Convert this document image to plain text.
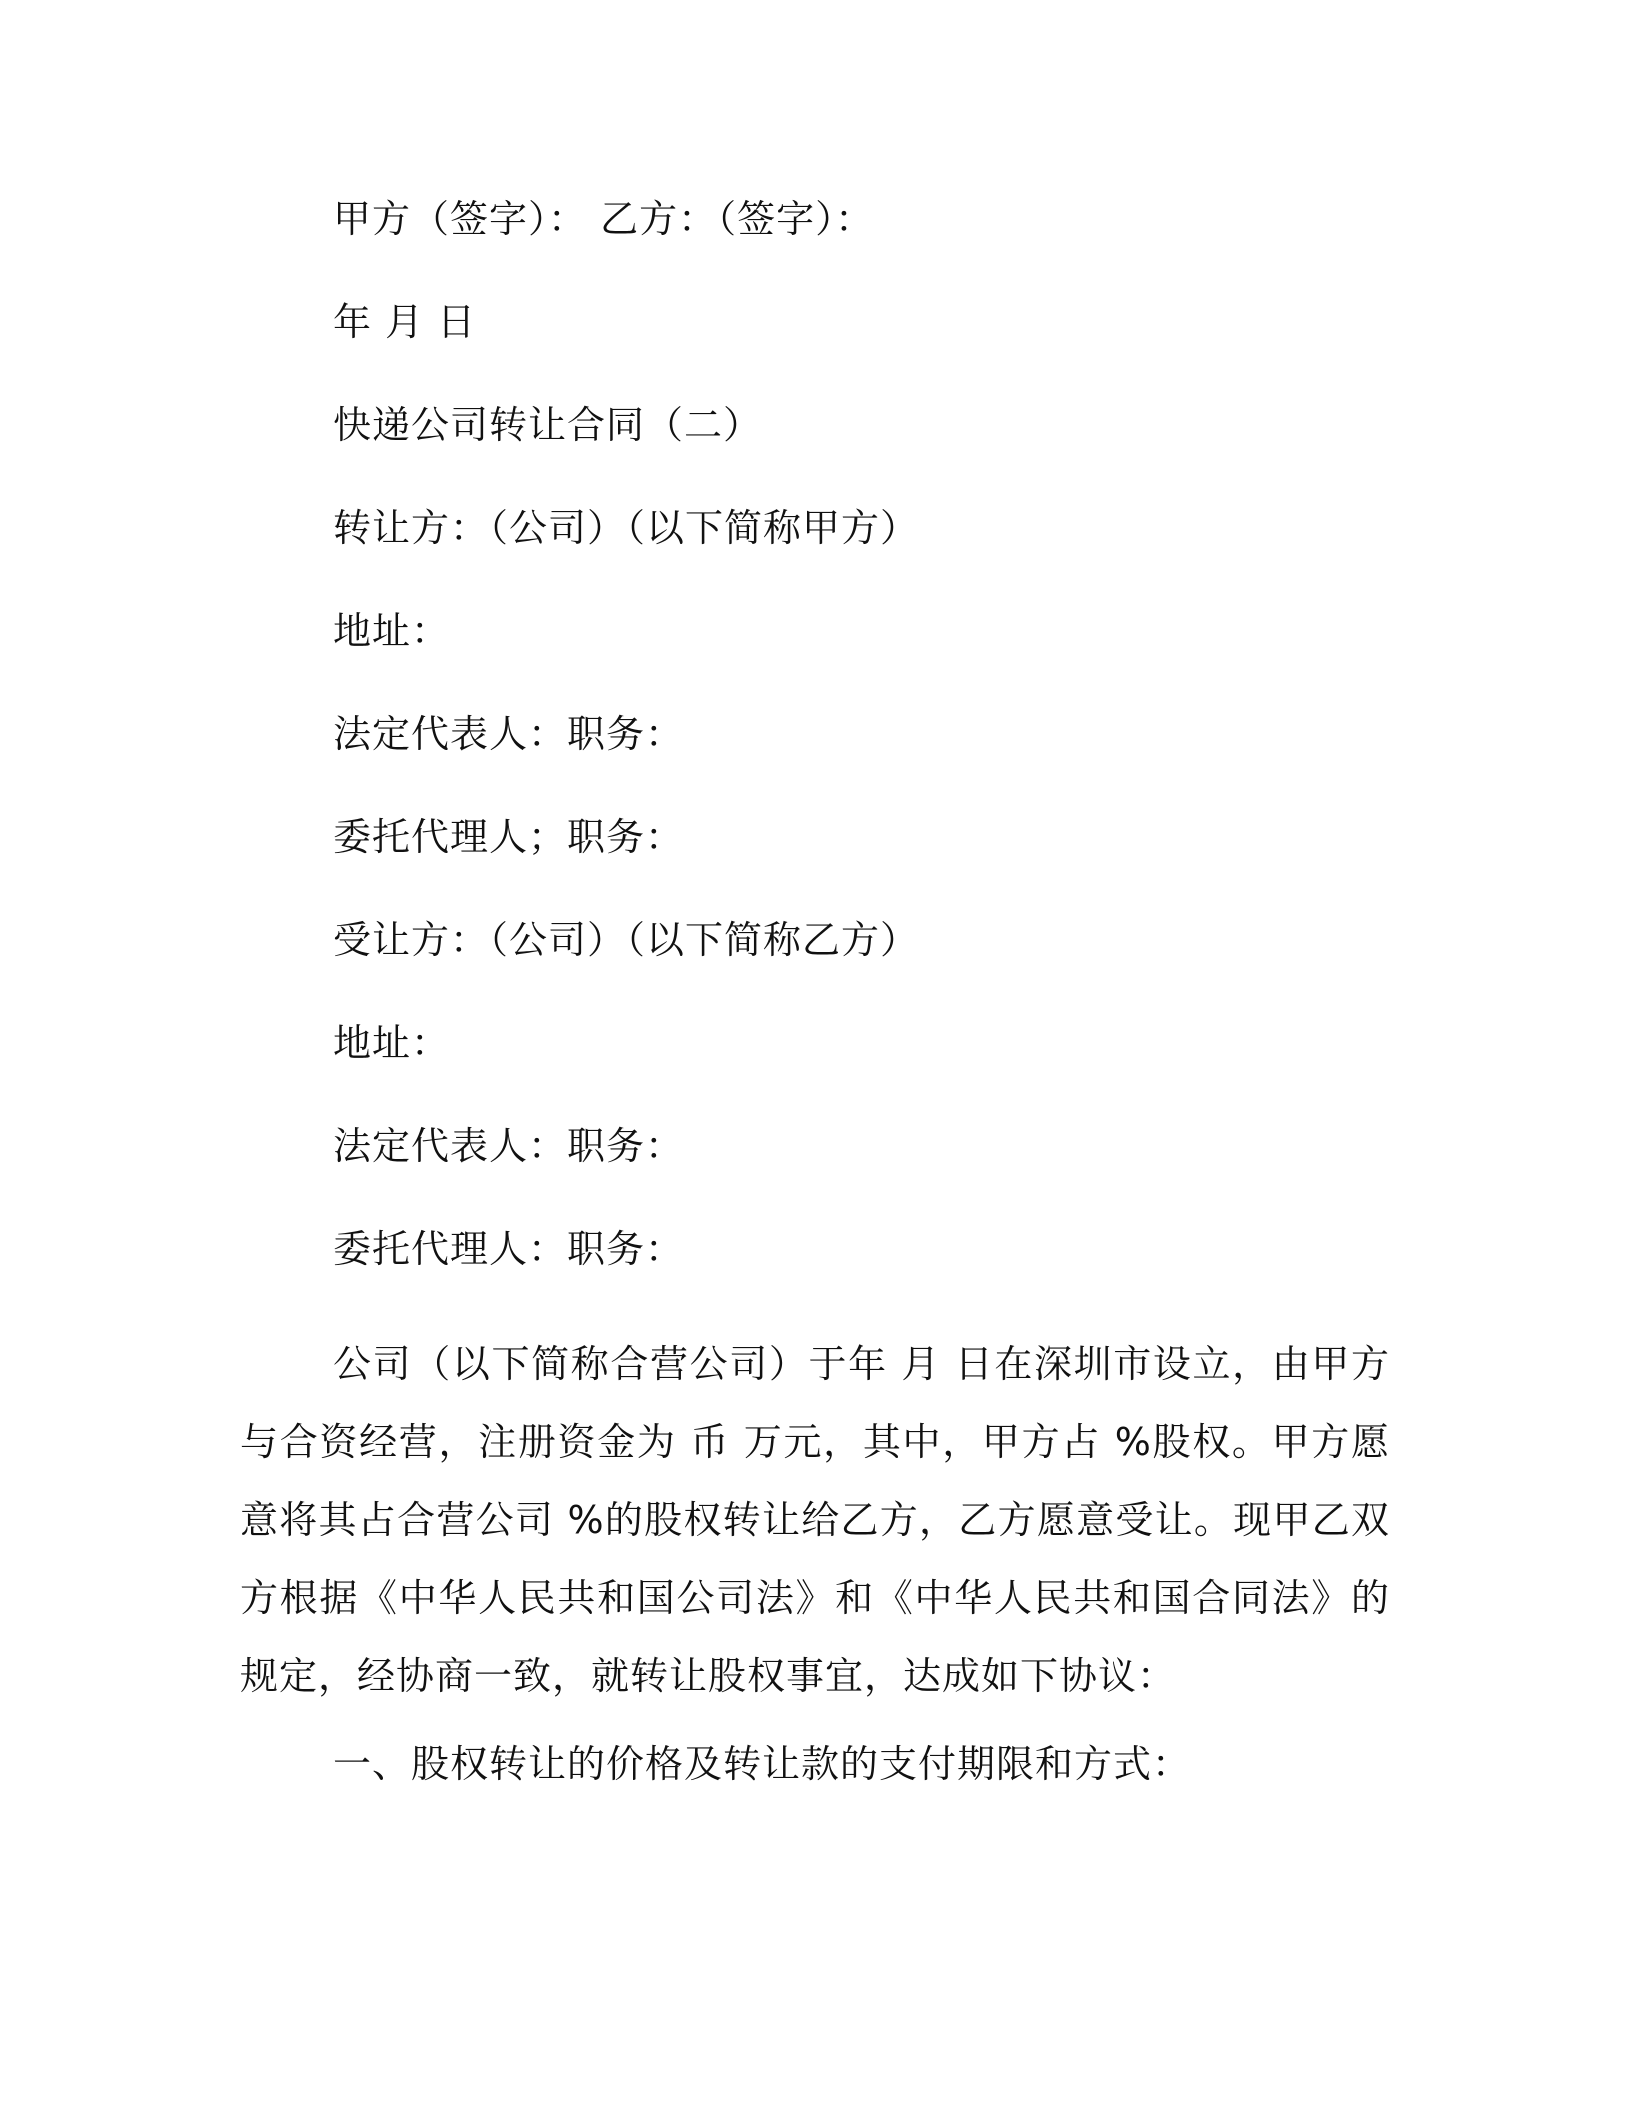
甲方（签字）： 乙方：（签字）：
年 月 日
快递公司转让合同（二）
转让方：（公司）（以下简称甲方）
地址：
法定代表人：职务：
委托代理人；职务：
受让方：（公司）（以下简称乙方）
地址：
法定代表人：职务：
委托代理人：职务：
公司（以下简称合营公司）于年 月 日在深圳市设立，由甲方与合资经营，注册资金为 币 万元，其中，甲方占 %股权。甲方愿意将其占合营公司 %的股权转让给乙方，乙方愿意受让。现甲乙双方根据《中华人民共和国公司法》和《中华人民共和国合同法》的规定，经协商一致，就转让股权事宜，达成如下协议：
一、股权转让的价格及转让款的支付期限和方式：
